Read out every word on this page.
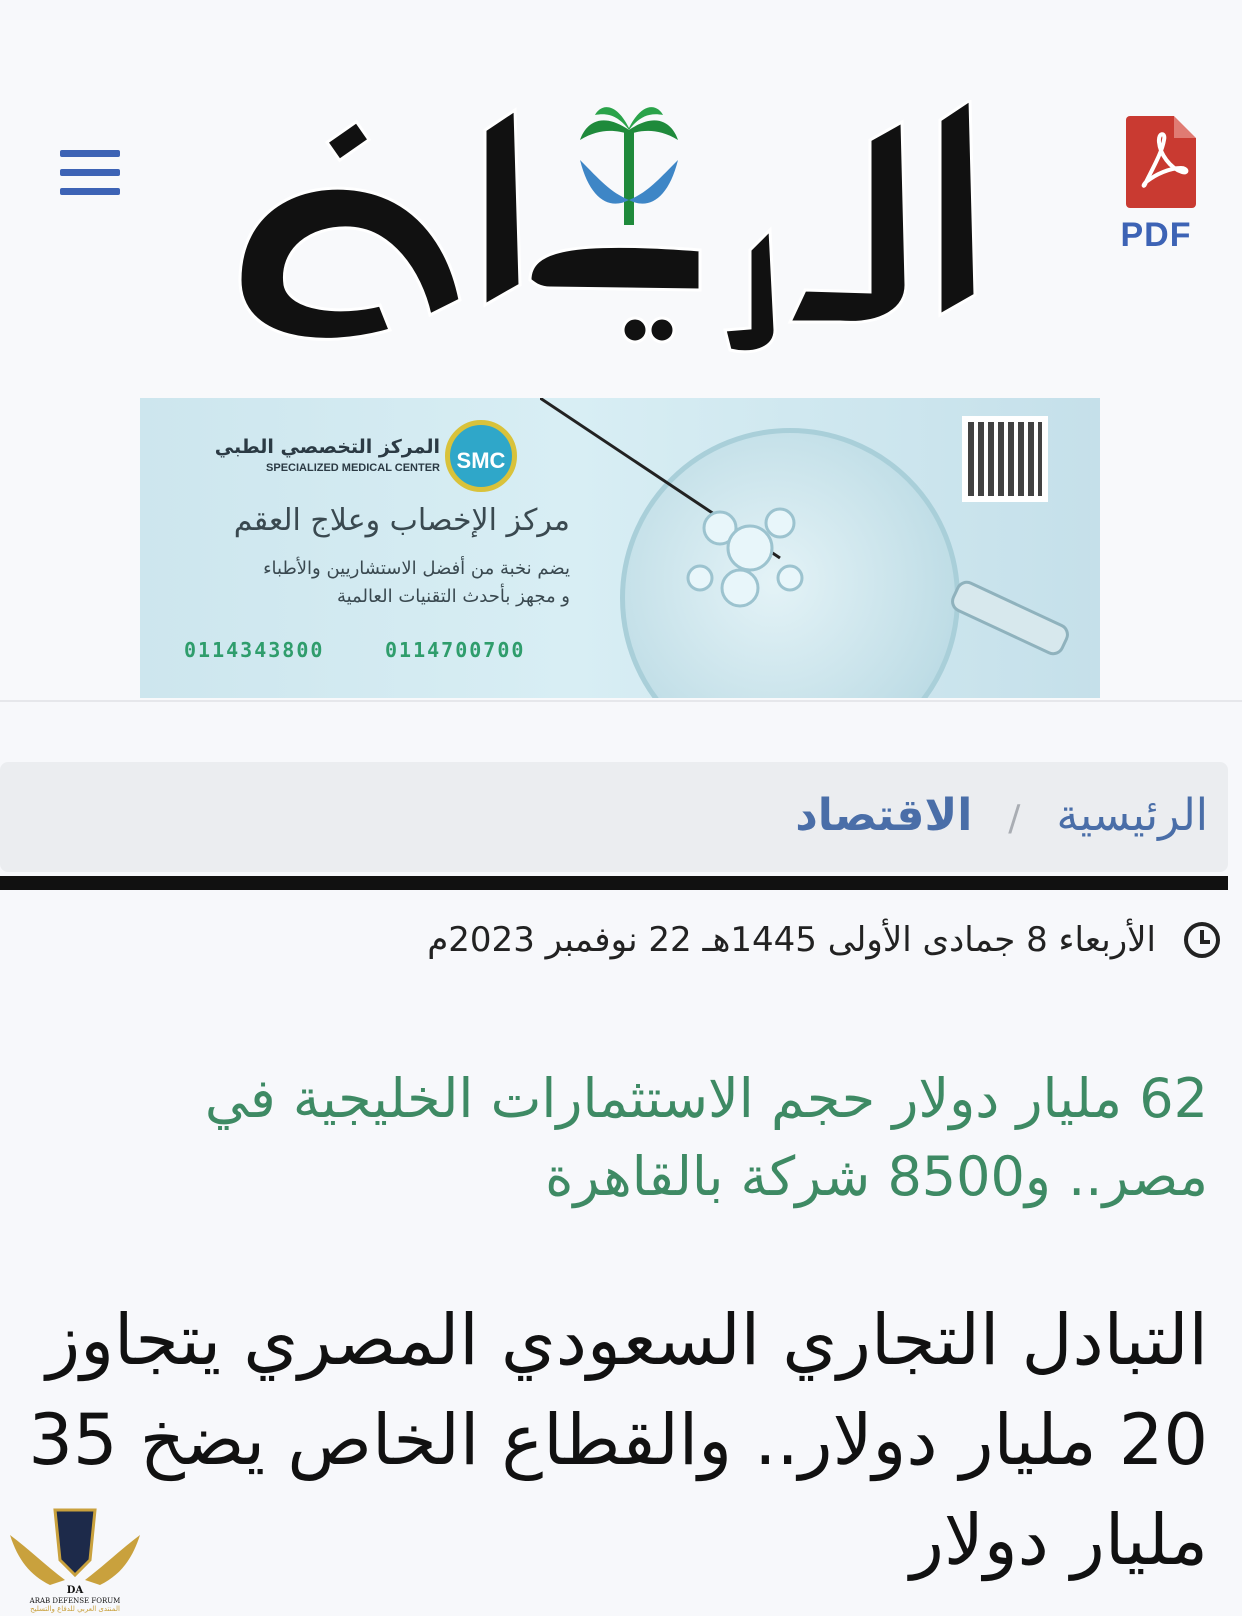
PDF
SMC
المركز التخصصي الطبي
SPECIALIZED MEDICAL CENTER
مركز الإخصاب وعلاج العقم
يضم نخبة من أفضل الاستشاريين والأطباء
و مجهز بأحدث التقنيات العالمية
0114343800	0114700700
الرئيسية/الاقتصاد
الأربعاء 8 جمادى الأولى 1445هـ 22 نوفمبر 2023م
62 مليار دولار حجم الاستثمارات الخليجية في مصر.. و8500 شركة بالقاهرة
التبادل التجاري السعودي المصري يتجاوز 20 مليار دولار.. والقطاع الخاص يضخ 35 مليار دولار
DA
ARAB DEFENSE FORUM
المنتدى العربي للدفاع والتسليح
